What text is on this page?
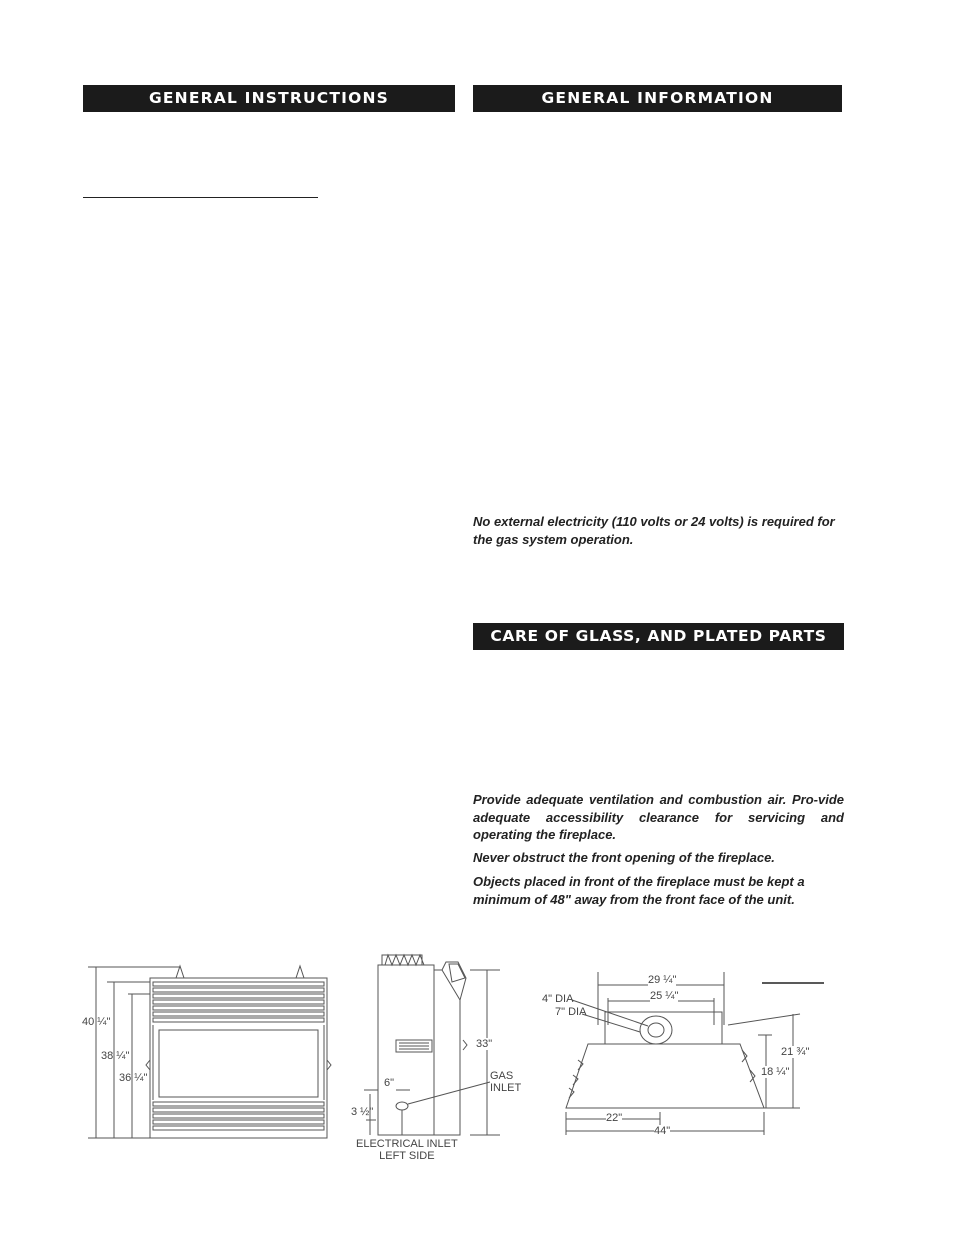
GENERAL INSTRUCTIONS	GENERAL INFORMATION

No external electricity (110 volts or 24 volts) is required for the gas system operation.

CARE OF GLASS, AND PLATED PARTS

Provide adequate ventilation and combustion air. Pro-vide adequate accessibility clearance for servicing and operating the fireplace.

Never obstruct the front opening of the fireplace.

Objects placed in front of the fireplace must be kept a minimum of 48" away from the front face of the unit.

40 ¼"
38 ¼"
36 ¼"
33"
6"
3 ½"
GAS
INLET
ELECTRICAL INLET
LEFT SIDE
29 ¼"
25 ¼"
4" DIA
7" DIA
21 ¾"
18 ¼"
22"
44"
